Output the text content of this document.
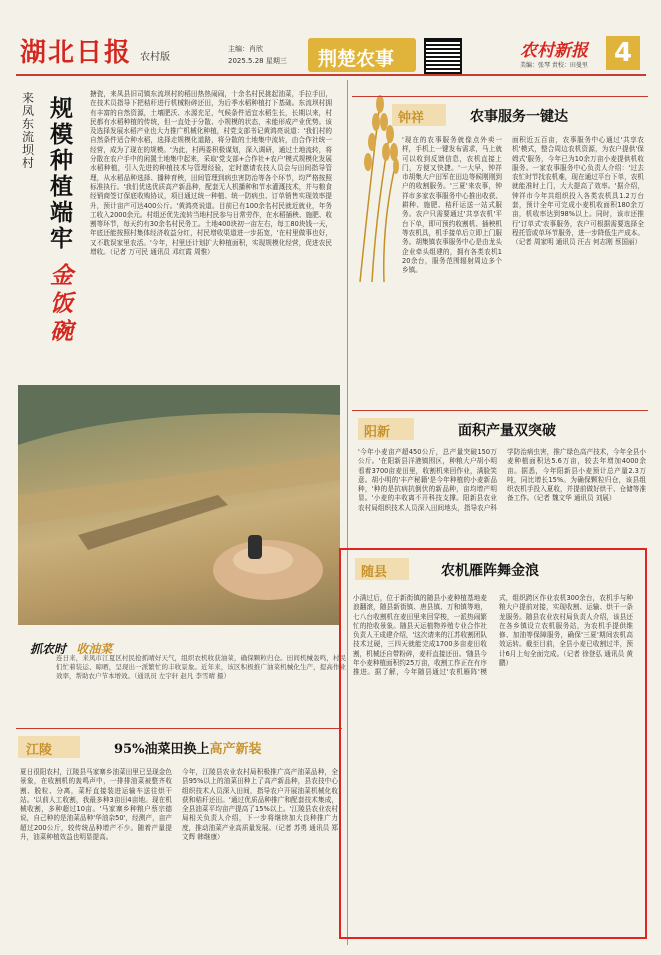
湖北日报 农村版
主编：肖欣
2025.5.28 星期三 荆楚农事	农村新报
美编：张琴 责校：田曼里 4
来凤东流坝村
规模种植端牢
金饭碗
搪瓷，来凤县旧司镇东流坝村的稻田热热闹闹，十余名村民挑起油菜，手拉手田，在技术员指导下把秸秆进行机械粉碎还田，为后季水稻种植打下基础。东流坝村拥有丰富的自然资源，土壤肥沃、水源充足，气候条件适宜水稻生长，长期以来，村民都有水稻种植的传统，但一直处于分散、小规模的状态，未能形成产业优势。该及选择发展水稻产业也大力推广机械化种植，村党支部书记黄鸿亮说道：'我们村的自然条件适合种水稻，选择走规模化道路，将分散的土地集中流转，由合作社统一经营，成为了现在的规模。'为此，村两委积极谋划，深入调研，通过土地流转，将分散在农户手中的闲置土地集中起来，采取'党支部+合作社+农户'模式规模化发展水稻种植，引入先进的种植技术与管理经验，定时邀请农技人员会与田间指导管理，从水稻品种选择、播种育秧，田间管理到病虫害防治等各个环节，均严格按照标准执行。'我们优选优质高产新品种，配套无人机播种和节水灌溉技术，并与粮食经销商签订保底收购协议，项目通过统一种植、统一防病虫、订单销售实现效率提升，预计亩产可达400公斤。'黄鸿亮说道。目前已有100余名村民就近就业，年务工收入2000余元。村组还优先流转当地村民参与日常劳作，在水稻插秧、施肥、收割等环节，每天约有30余名村民务工。土地400块初一亩左右，每工80块钱一天，年底还能按照村集体经济收益分红，村民增收渠道进一步拓宽，'在村里做事也好，又不耽误家里农活。'今年，村里还计划扩大种植面积，实现规模化经营，促进农民增收。（记者 万可民 通讯员 邓红霞 周惟）
抓农时 收油菜
连日来，来凤市江夏区村民抢抓晴好天气，组织农机收获油菜，确保颗粒归仓。田间机械轰鸣，村民们忙着装运、晾晒，呈现出一派繁忙的丰收景象。近年来，该区积极推广油菜机械化生产，提高作业效率，帮助农户节本增效。（通讯员 左宇轩 赵凡 李雪晴 摄）
江陵	95%油菜田换上高产新装
夏日很阳农村，江陵县马家寨乡油菜田里已呈现金色景象，在收割机的轰鸣声中，一排排油菜被整齐收割、脱粒、分离，菜籽直接装进运输车送往烘干站。'以前人工收割，我最多种3亩田4亩地。现在机械收割，多种超过10亩。'马家寨乡种粮户蔡宗德说，自己种的是油菜品种'华油杂50'，经测产，亩产超过200公斤，较传统品种增产不少。随着产量提升，油菜种植效益也明显提高。
今年，江陵县农业农村局积极推广高产油菜品种，全县95%以上的油菜田种上了高产新品种，县农技中心组织技术人员深入田间，指导农户开展油菜机械化收获和秸秆还田。'通过优质品种推广和配套技术集成，全县油菜平均亩产提高了15%以上。'江陵县农业农村局相关负责人介绍，下一步将继续加大良种推广力度，推动油菜产业高质量发展。（记者 苏勇 通讯员 郑文辉 韩继康）
钟祥	农事服务一键达
'现在的农事服务就像点外卖一样，手机上一键发布需求，马上就可以收到反馈信息，农机直接上门，方便又快捷。'一大早，钟祥市胡集大户田军在田边等候刚刚到户的收割服务。'三夏'来农事，钟祥市多家农事服务中心推出收获、耕种、施肥、秸秆运送一站式服务。农户只需要通过'共享农机'平台下单，即可预约收割机、插秧机等农机具，机手接单后立即上门服务。胡集镇农事服务中心是由龙头企业牵头组建的，拥有各类农机120余台，服务范围辐射周边多个乡镇。
面积近五百亩，农事服务中心通过'共享农机'模式，整合周边农机资源，为农户提供'保姆式'服务，今年已为10余万亩小麦提供机收服务。一家农事服务中心负责人介绍：'过去农忙时节找农机难，现在通过平台下单，农机就能准时上门，大大提高了效率。'据介绍，钟祥市今年共组织投入各类农机具1.2万台套，预计全年可完成小麦机收面积180余万亩，机收率达到98%以上。同时，该市还推行'订单式'农事服务，农户可根据需要选择全程托管或单环节服务，进一步降低生产成本。（记者 周家明 通讯员 汪吉 何志刚 蔡国丽）
阳新	面积产量双突破
'今年小麦亩产超450公斤，总产量突破150万公斤。'在阳新县洋港镇围区，种粮大户胡小明看着3700亩麦田里，收割机来回作业，满脸笑意。胡小明的'丰产秘籍'是今年种植的小麦新品种，'种的是抗病抗倒伏的新品种，亩均增产明显。'小麦的丰收离不开科技支撑。阳新县农业农村局组织技术人员深入田间地头，指导农户科学防治病虫害，推广绿色高产技术，今年全县小麦种植面积达5.6万亩，较去年增加4000余亩。据悉，今年阳新县小麦预计总产量2.3万吨，同比增长15%。为确保颗粒归仓，该县组织农机手投入夏收，并提前做好烘干、仓储等准备工作。（记者 魏文华 通讯员 刘展）
随县	农机雁阵舞金浪
小满过后，位于新街镇的随县小麦种植基地麦浪翻滚，随县新街镇、唐县镇、万和镇等地，七八台收割机在麦田里来回穿梭，一派热闹繁忙的抢收景象。随县天运植物养殖专业合作社负责人王成建介绍，'这次请来的江苏收割团队技术过硬，三四天就能完成1700多亩麦田收割，机械还自带粉碎，麦秆直接还田。'随县今年小麦种植面积约25万亩，收割工作正在有序推进。据了解，今年随县通过'农机雁阵'模式，组织跨区作业农机300余台，农机手与种粮大户提前对接，实现收割、运输、烘干一条龙服务。随县农业农村局负责人介绍，该县还在各乡镇设立农机服务站，为农机手提供维修、加油等保障服务，确保'三夏'期间农机高效运转。截至目前，全县小麦已收割过半，预计6月上旬全面完成。（记者 徐登弘 通讯员 黄鹏）
